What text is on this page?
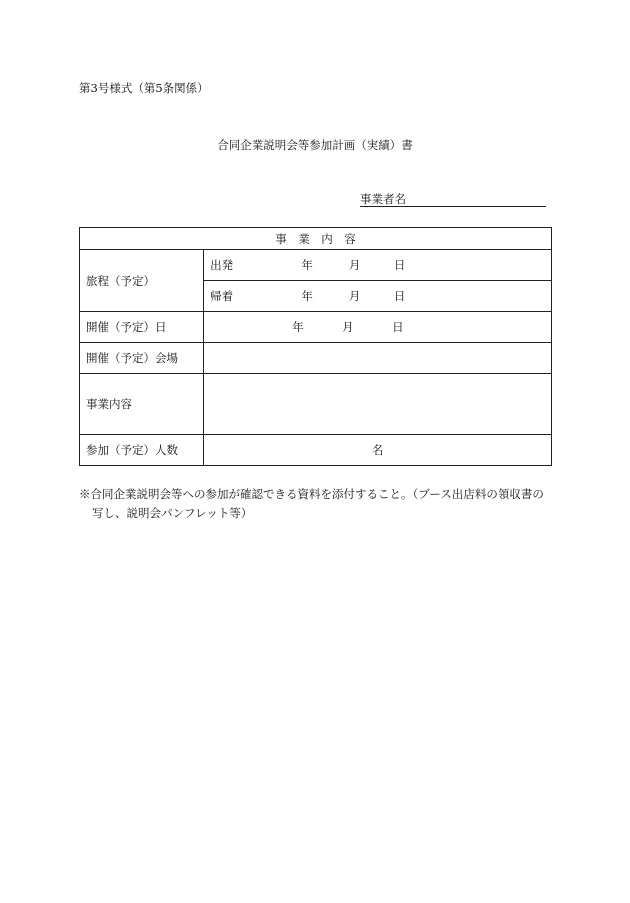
第3号様式（第5条関係）
合同企業説明会等参加計画（実績）書
事業者名
事　業　内　容	
旅程（予定）	出発 年 月 日

	帰着 年 月 日

開催（予定）日	年 月 日

開催（予定）会場	
事業内容	
参加（予定）人数	名
※合同企業説明会等への参加が確認できる資料を添付すること。（ブース出店料の領収書の
写し、説明会パンフレット等）
